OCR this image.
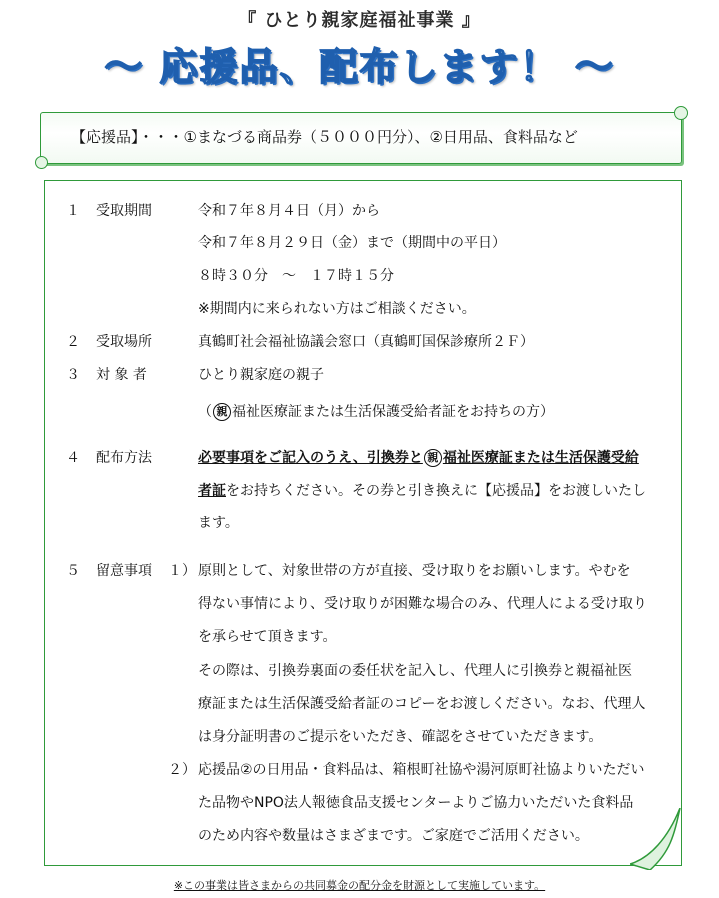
『 ひとり親家庭福祉事業 』
～ 応援品、配布します！ ～
【応援品】・・・①まなづる商品券（５０００円分）、②日用品、食料品など
１ 受取期間	令和７年８月４日（月）から
令和７年８月２９日（金）まで（期間中の平日）
８時３０分　～　１７時１５分
※期間内に来られない方はご相談ください。
２ 受取場所	真鶴町社会福祉協議会窓口（真鶴町国保診療所２Ｆ）
３ 対 象 者	ひとり親家庭の親子
（ 親 福祉医療証または生活保護受給者証をお持ちの方）
４ 配布方法	必要事項をご記入のうえ、引換券と 親 福祉医療証または生活保護受給
者証をお持ちください。その券と引き換えに【応援品】をお渡しいたし
ます。
５ 留意事項 １） 原則として、対象世帯の方が直接、受け取りをお願いします。やむを
得ない事情により、受け取りが困難な場合のみ、代理人による受け取り
を承らせて頂きます。
その際は、引換券裏面の委任状を記入し、代理人に引換券と親福祉医
療証または生活保護受給者証のコピーをお渡しください。なお、代理人
は身分証明書のご提示をいただき、確認をさせていただきます。
２） 応援品②の日用品・食料品は、箱根町社協や湯河原町社協よりいただい
た品物やNPO法人報徳食品支援センターよりご協力いただいた食料品
のため内容や数量はさまざまです。ご家庭でご活用ください。
※この事業は皆さまからの共同募金の配分金を財源として実施しています。
